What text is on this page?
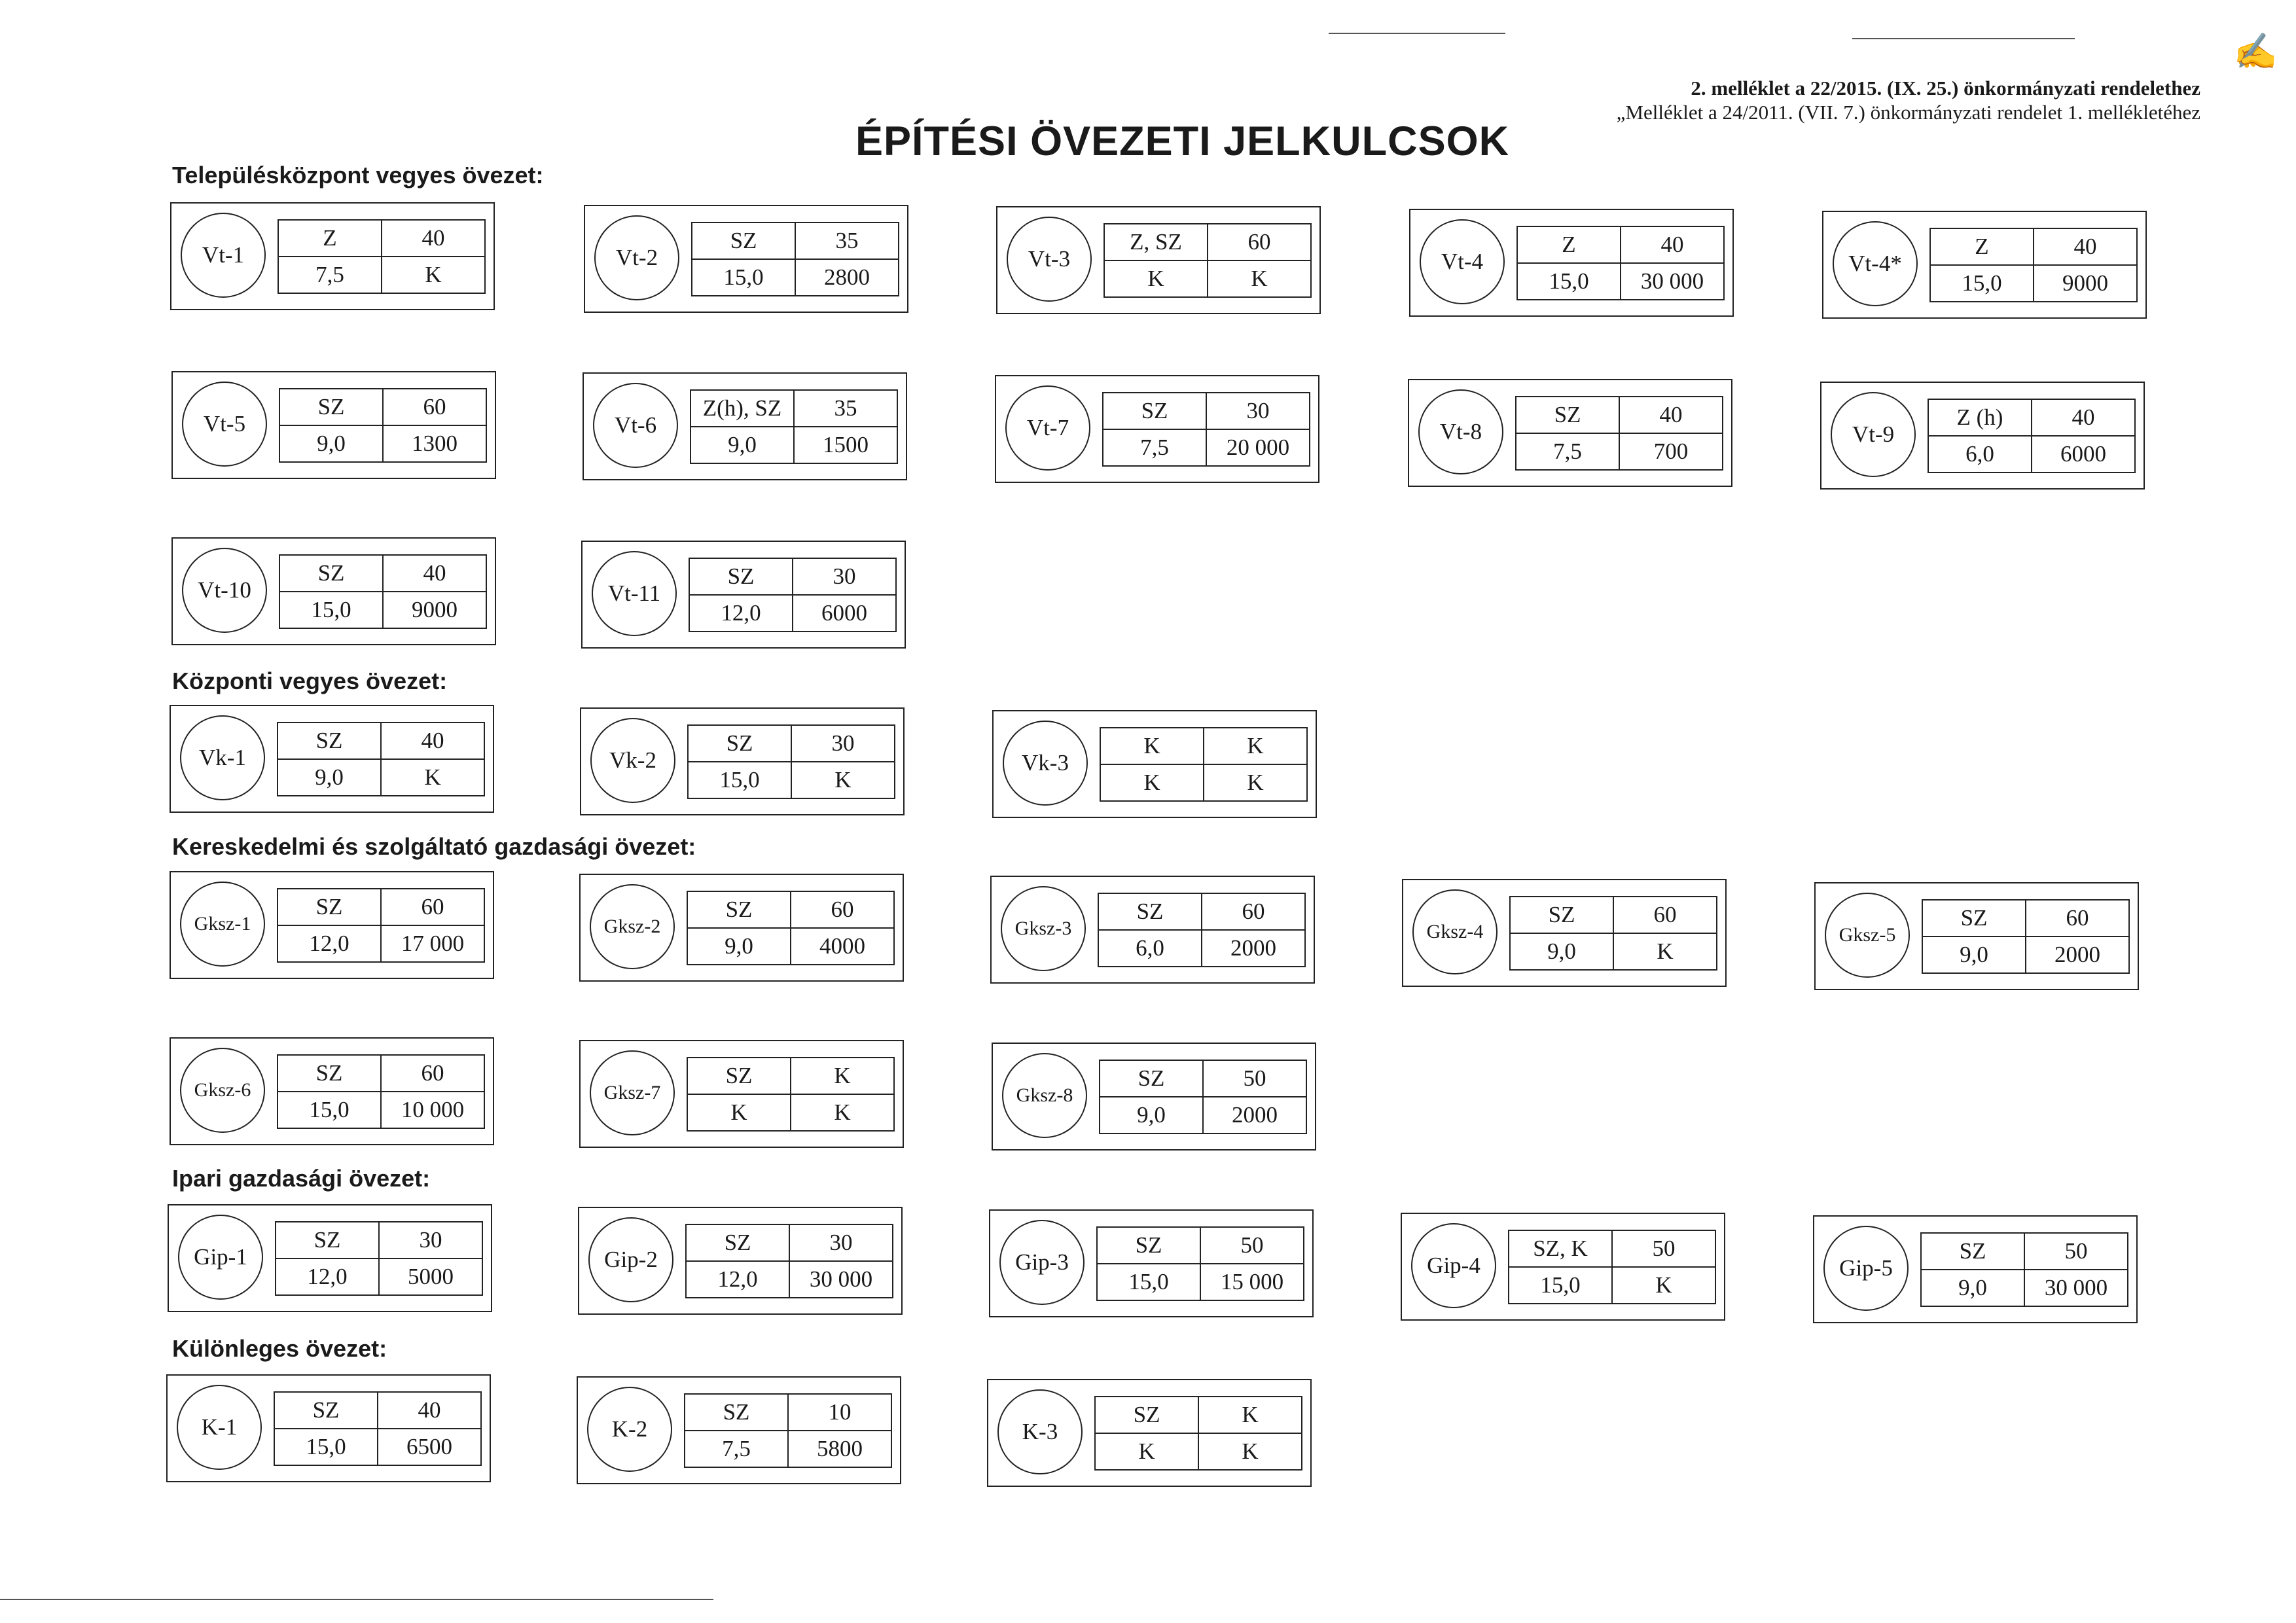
✍
2. melléklet a 22/2015. (IX. 25.) önkormányzati rendelethez
„Melléklet a 24/2011. (VII. 7.) önkormányzati rendelet 1. mellékletéhez
ÉPÍTÉSI ÖVEZETI JELKULCSOK
Településközpont vegyes övezet:
Központi vegyes övezet:
Kereskedelmi és szolgáltató gazdasági övezet:
Ipari gazdasági övezet:
Különleges övezet:
Vt-1
Z	40
7,5	K
Vt-2
SZ	35
15,0	2800
Vt-3
Z, SZ	60
K	K
Vt-4
Z	40
15,0	30 000
Vt-4*
Z	40
15,0	9000
Vt-5
SZ	60
9,0	1300
Vt-6
Z(h), SZ	35
9,0	1500
Vt-7
SZ	30
7,5	20 000
Vt-8
SZ	40
7,5	700
Vt-9
Z (h)	40
6,0	6000
Vt-10
SZ	40
15,0	9000
Vt-11
SZ	30
12,0	6000
Vk-1
SZ	40
9,0	K
Vk-2
SZ	30
15,0	K
Vk-3
K	K
K	K
Gksz-1
SZ	60
12,0	17 000
Gksz-2
SZ	60
9,0	4000
Gksz-3
SZ	60
6,0	2000
Gksz-4
SZ	60
9,0	K
Gksz-5
SZ	60
9,0	2000
Gksz-6
SZ	60
15,0	10 000
Gksz-7
SZ	K
K	K
Gksz-8
SZ	50
9,0	2000
Gip-1
SZ	30
12,0	5000
Gip-2
SZ	30
12,0	30 000
Gip-3
SZ	50
15,0	15 000
Gip-4
SZ, K	50
15,0	K
Gip-5
SZ	50
9,0	30 000
K-1
SZ	40
15,0	6500
K-2
SZ	10
7,5	5800
K-3
SZ	K
K	K
